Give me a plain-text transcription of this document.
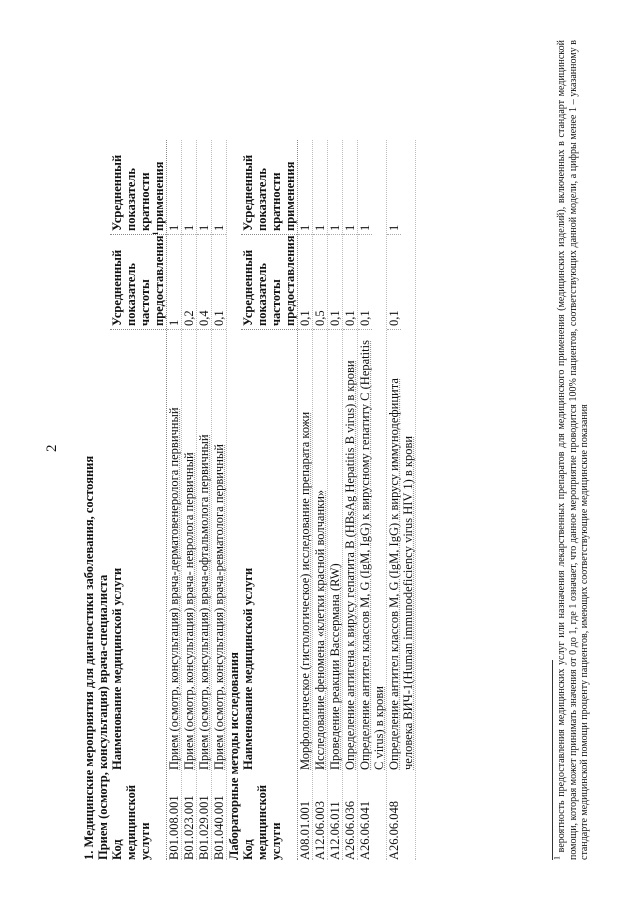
2
1. Медицинские мероприятия для диагностики заболевания, состояния Прием (осмотр, консультация) врача-специалиста Код медицинской услуги
Наименование медицинской услуги
Усредненный показатель частоты предоставления$^1$
Усредненный показатель кратности применения
B01.008.001
Прием (осмотр, консультация) врача-дерматовенеролога первичный
1
1
B01.023.001
Прием (осмотр, консультация) врача- невролога первичный
0,2
1
B01.029.001
Прием (осмотр, консультация) врача-офтальмолога первичный
0,4
1
B01.040.001
Прием (осмотр, консультация) врача-ревматолога первичный
0,1
1
Лабораторные методы исследования Код медицинской услуги
Наименование медицинской услуги
Усредненный показатель частоты предоставления
Усредненный показатель кратности применения
A08.01.001
Морфологическое (гистологическое) исследование препарата кожи
0,1
1
A12.06.003
Исследование феномена «клетки красной волчанки»
0,5
1
A12.06.011
Проведение реакции Вассермана (RW)
0,1
1
A26.06.036
Определение антигена к вирусу гепатита B (HBsAg Hepatitis B virus) в крови
0,1
1
A26.06.041
Определение антител классов M, G (IgM, IgG) к вирусному гепатиту C (Hepatitis C virus) в крови
0,1
1
A26.06.048
Определение антител классов M, G (IgM, IgG) к вирусу иммунодефицита человека ВИЧ-1(Human immunodeficiency virus HIV 1) в крови
0,1
1
$^1$ вероятность предоставления медицинских услуг или назначения лекарственных препаратов для медицинского применения (медицинских изделий), включенных в стандарт медицинской помощи, которая может принимать значения от 0 до 1, где 1 означает, что данное мероприятие проводится 100% пациентов, соответствующих данной модели, а цифры менее 1 – указанному в стандарте медицинской помощи проценту пациентов, имеющих соответствующие медицинские показания
